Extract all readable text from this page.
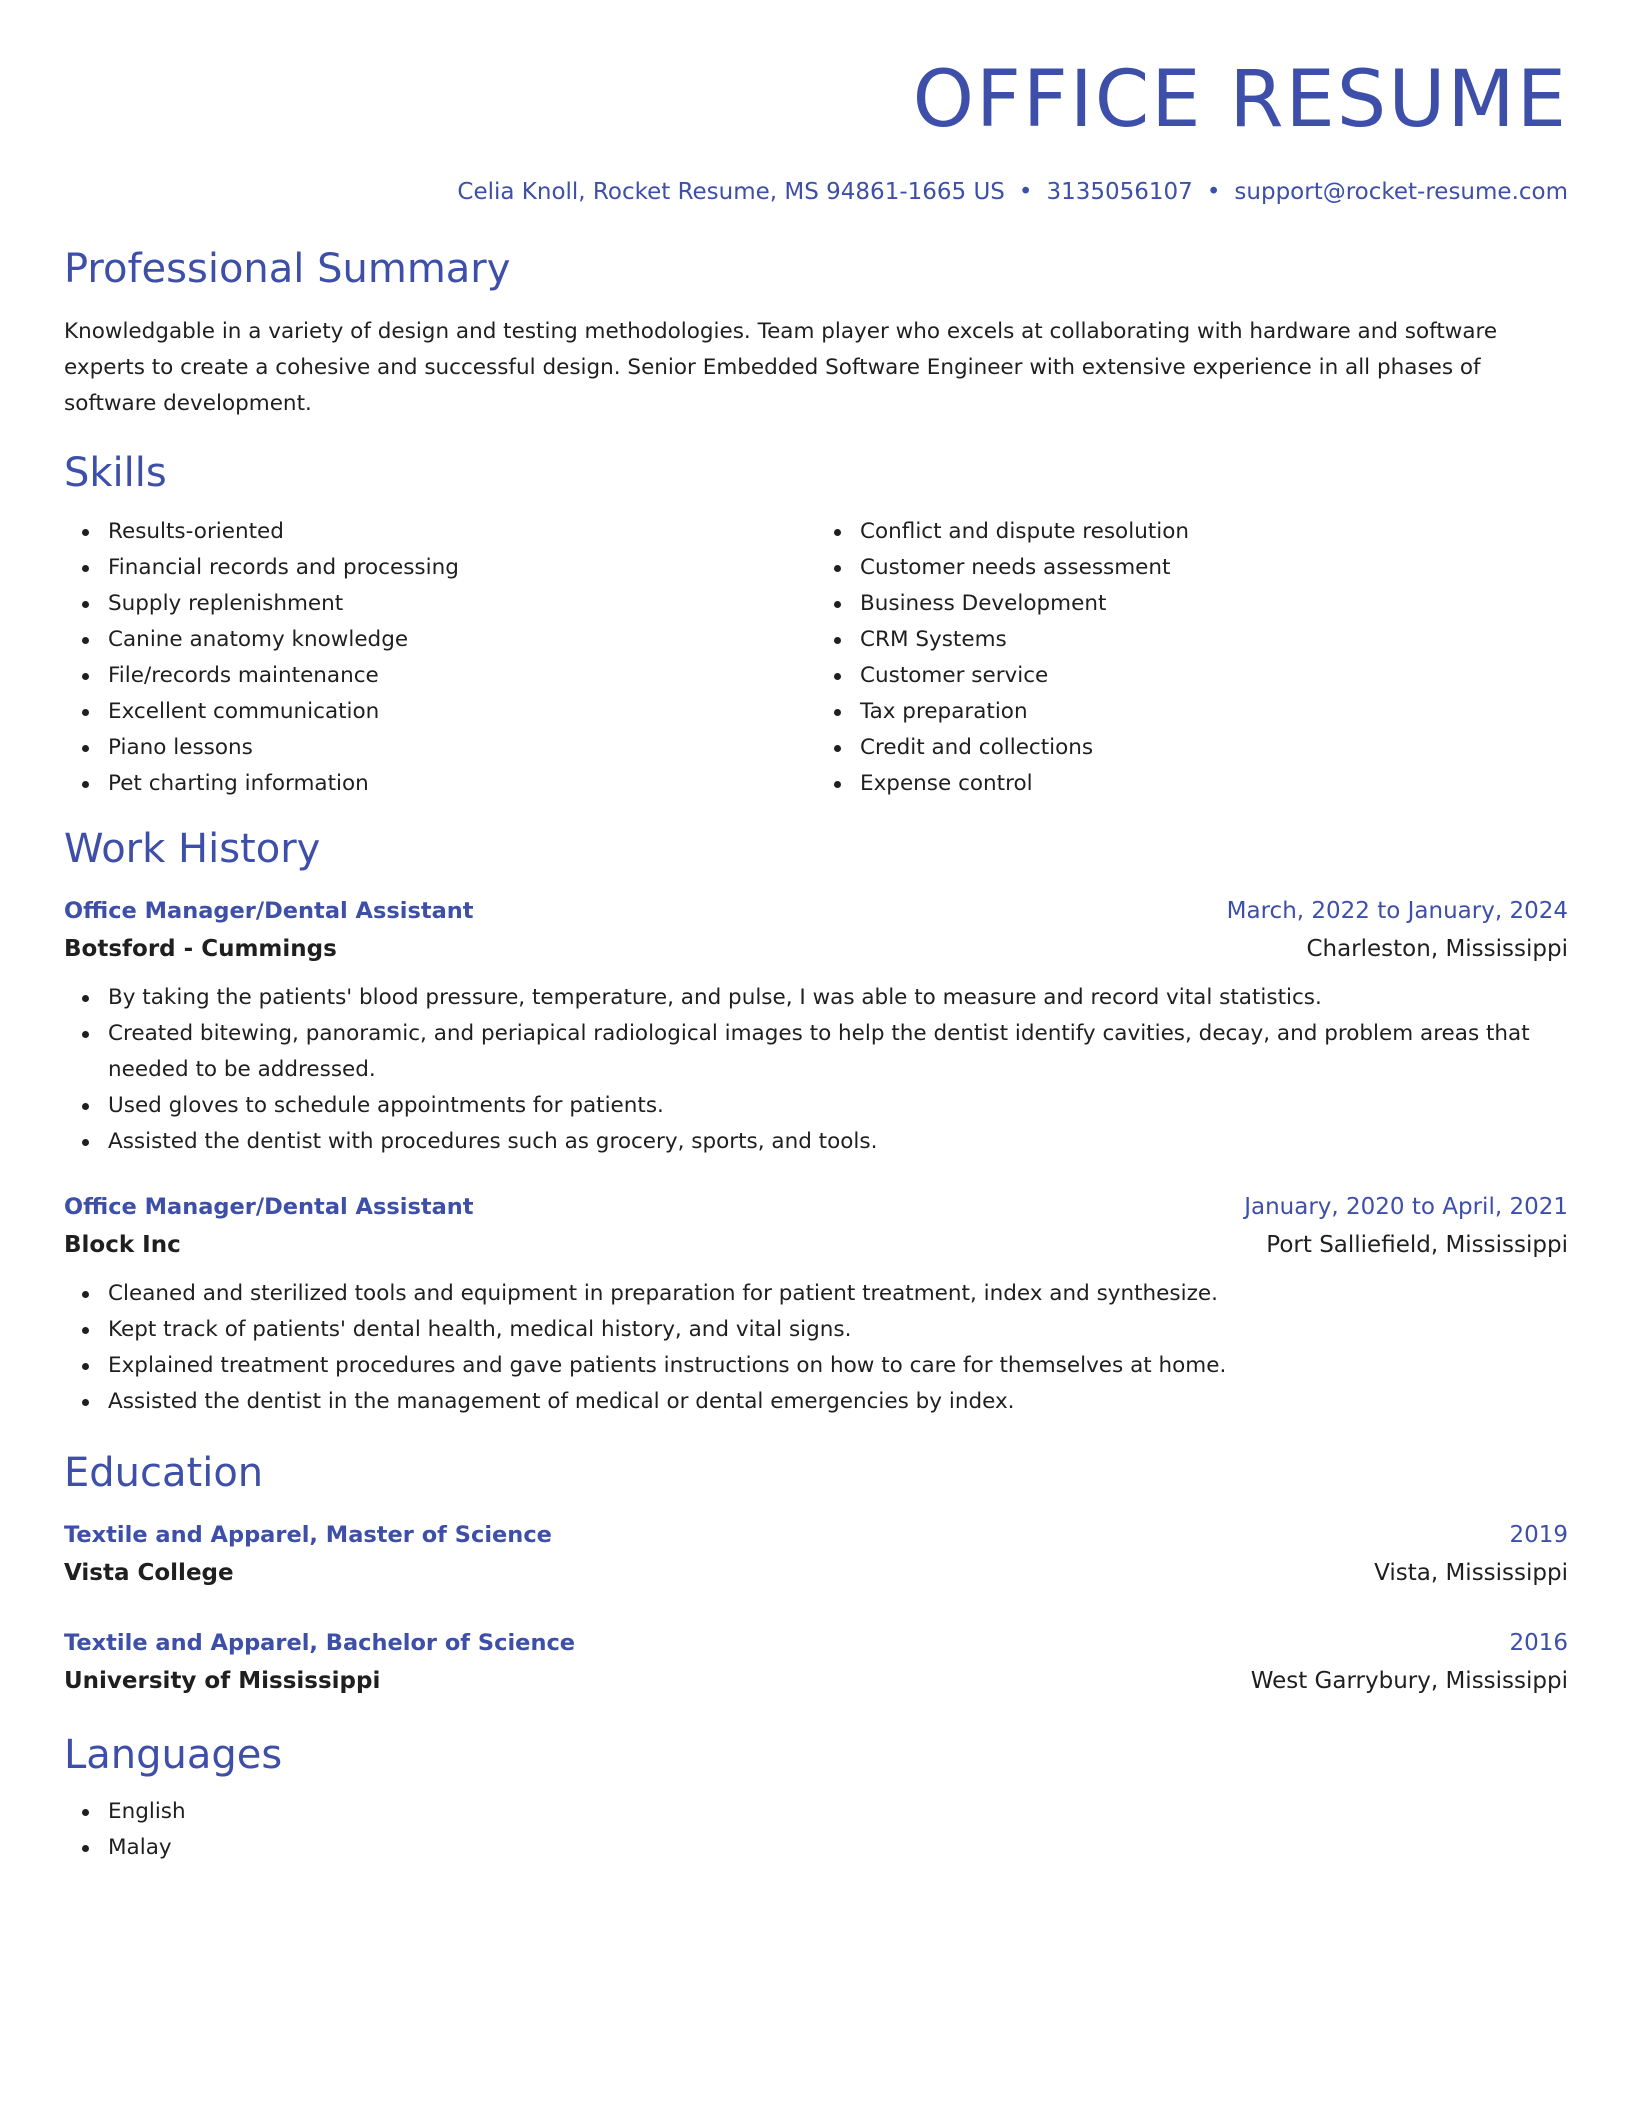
OFFICE RESUME
Celia Knoll, Rocket Resume, MS 94861-1665 US • 3135056107 • support@rocket-resume.com
Professional Summary

Knowledgable in a variety of design and testing methodologies. Team player who excels at collaborating with hardware and software experts to create a cohesive and successful design. Senior Embedded Software Engineer with extensive experience in all phases of software development.

Skills
Results-oriented
Financial records and processing
Supply replenishment
Canine anatomy knowledge
File/records maintenance
Excellent communication
Piano lessons
Pet charting information
Conflict and dispute resolution
Customer needs assessment
Business Development
CRM Systems
Customer service
Tax preparation
Credit and collections
Expense control
Work History
Office Manager/Dental Assistant	March, 2022 to January, 2024
Botsford - Cummings	Charleston, Mississippi
By taking the patients' blood pressure, temperature, and pulse, I was able to measure and record vital statistics.
Created bitewing, panoramic, and periapical radiological images to help the dentist identify cavities, decay, and problem areas that needed to be addressed.
Used gloves to schedule appointments for patients.
Assisted the dentist with procedures such as grocery, sports, and tools.
Office Manager/Dental Assistant	January, 2020 to April, 2021
Block Inc	Port Salliefield, Mississippi
Cleaned and sterilized tools and equipment in preparation for patient treatment, index and synthesize.
Kept track of patients' dental health, medical history, and vital signs.
Explained treatment procedures and gave patients instructions on how to care for themselves at home.
Assisted the dentist in the management of medical or dental emergencies by index.
Education
Textile and Apparel, Master of Science	2019
Vista College	Vista, Mississippi
Textile and Apparel, Bachelor of Science	2016
University of Mississippi	West Garrybury, Mississippi
Languages
English
Malay
